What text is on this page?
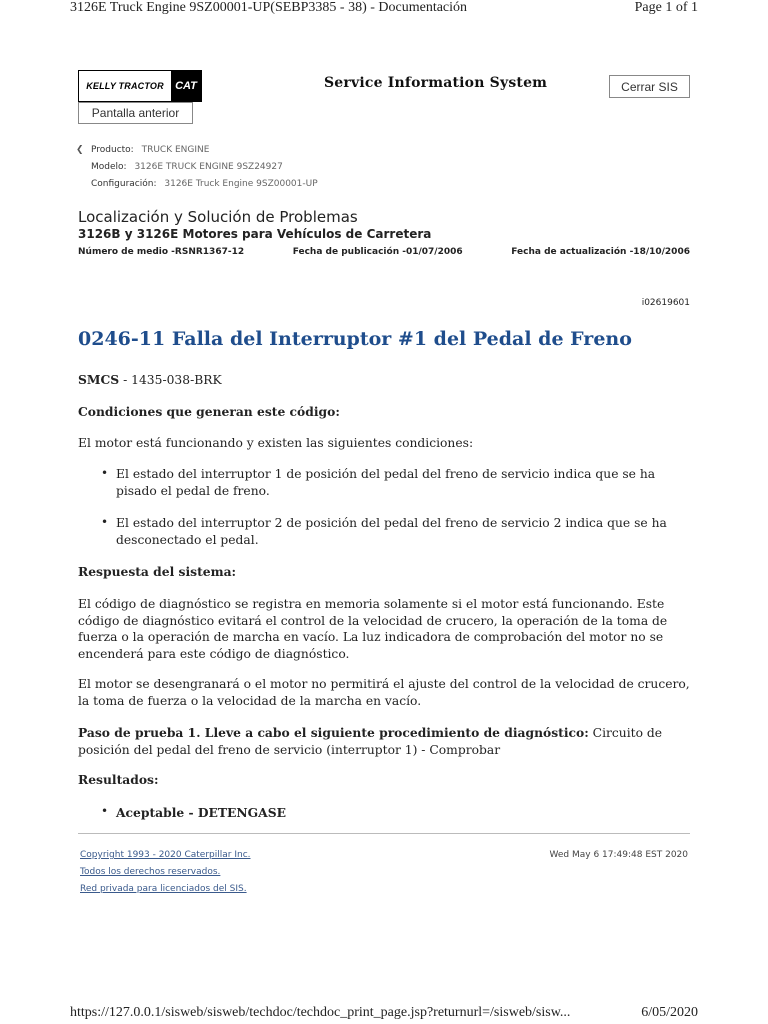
3126E Truck Engine 9SZ00001-UP(SEBP3385 - 38) - Documentación	Page 1 of 1
KELLY TRACTOR	CAT	Service Information System	Cerrar SIS
Pantalla anterior
❮ Producto: TRUCK ENGINE
Modelo: 3126E TRUCK ENGINE 9SZ24927
Configuración: 3126E Truck Engine 9SZ00001-UP
Localización y Solución de Problemas
3126B y 3126E Motores para Vehículos de Carretera
Número de medio -RSNR1367-12	Fecha de publicación -01/07/2006	Fecha de actualización -18/10/2006
i02619601
0246-11 Falla del Interruptor #1 del Pedal de Freno
SMCS - 1435-038-BRK
Condiciones que generan este código:
El motor está funcionando y existen las siguientes condiciones:
• El estado del interruptor 1 de posición del pedal del freno de servicio indica que se ha pisado el pedal de freno.
• El estado del interruptor 2 de posición del pedal del freno de servicio 2 indica que se ha desconectado el pedal.
Respuesta del sistema:
El código de diagnóstico se registra en memoria solamente si el motor está funcionando. Este código de diagnóstico evitará el control de la velocidad de crucero, la operación de la toma de fuerza o la operación de marcha en vacío. La luz indicadora de comprobación del motor no se encenderá para este código de diagnóstico.
El motor se desengranará o el motor no permitirá el ajuste del control de la velocidad de crucero, la toma de fuerza o la velocidad de la marcha en vacío.
Paso de prueba 1. Lleve a cabo el siguiente procedimiento de diagnóstico: Circuito de posición del pedal del freno de servicio (interruptor 1) - Comprobar
Resultados:
• Aceptable - DETENGASE
Copyright 1993 - 2020 Caterpillar Inc.
Todos los derechos reservados.
Red privada para licenciados del SIS.
Wed May 6 17:49:48 EST 2020
https://127.0.0.1/sisweb/sisweb/techdoc/techdoc_print_page.jsp?returnurl=/sisweb/sisw...	6/05/2020
